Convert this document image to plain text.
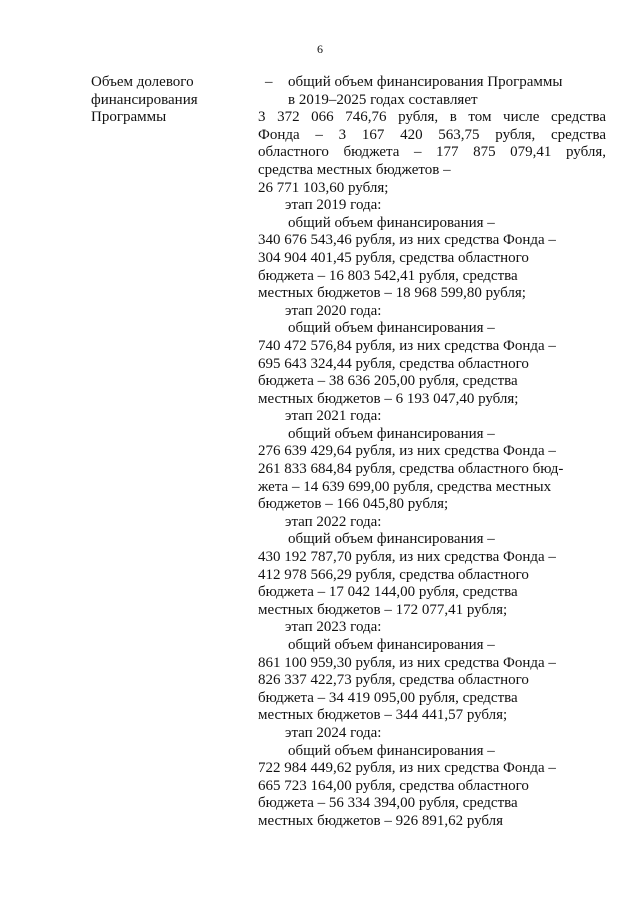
6
Объем долевого
финансирования
Программы
– общий объем финансирования Программы
в 2019–2025 годах составляет
3 372 066 746,76 рубля, в том числе средства
Фонда – 3 167 420 563,75 рубля, средства
областного бюджета – 177 875 079,41 рубля,
средства местных бюджетов –
26 771 103,60 рубля;
этап 2019 года:
общий объем финансирования –
340 676 543,46 рубля, из них средства Фонда –
304 904 401,45 рубля, средства областного
бюджета – 16 803 542,41 рубля, средства
местных бюджетов – 18 968 599,80 рубля;
этап 2020 года:
общий объем финансирования –
740 472 576,84 рубля, из них средства Фонда –
695 643 324,44 рубля, средства областного
бюджета – 38 636 205,00 рубля, средства
местных бюджетов – 6 193 047,40 рубля;
этап 2021 года:
общий объем финансирования –
276 639 429,64 рубля, из них средства Фонда –
261 833 684,84 рубля, средства областного бюд-
жета – 14 639 699,00 рубля, средства местных
бюджетов – 166 045,80 рубля;
этап 2022 года:
общий объем финансирования –
430 192 787,70 рубля, из них средства Фонда –
412 978 566,29 рубля, средства областного
бюджета – 17 042 144,00 рубля, средства
местных бюджетов – 172 077,41 рубля;
этап 2023 года:
общий объем финансирования –
861 100 959,30 рубля, из них средства Фонда –
826 337 422,73 рубля, средства областного
бюджета – 34 419 095,00 рубля, средства
местных бюджетов – 344 441,57 рубля;
этап 2024 года:
общий объем финансирования –
722 984 449,62 рубля, из них средства Фонда –
665 723 164,00 рубля, средства областного
бюджета – 56 334 394,00 рубля, средства
местных бюджетов – 926 891,62 рубля
